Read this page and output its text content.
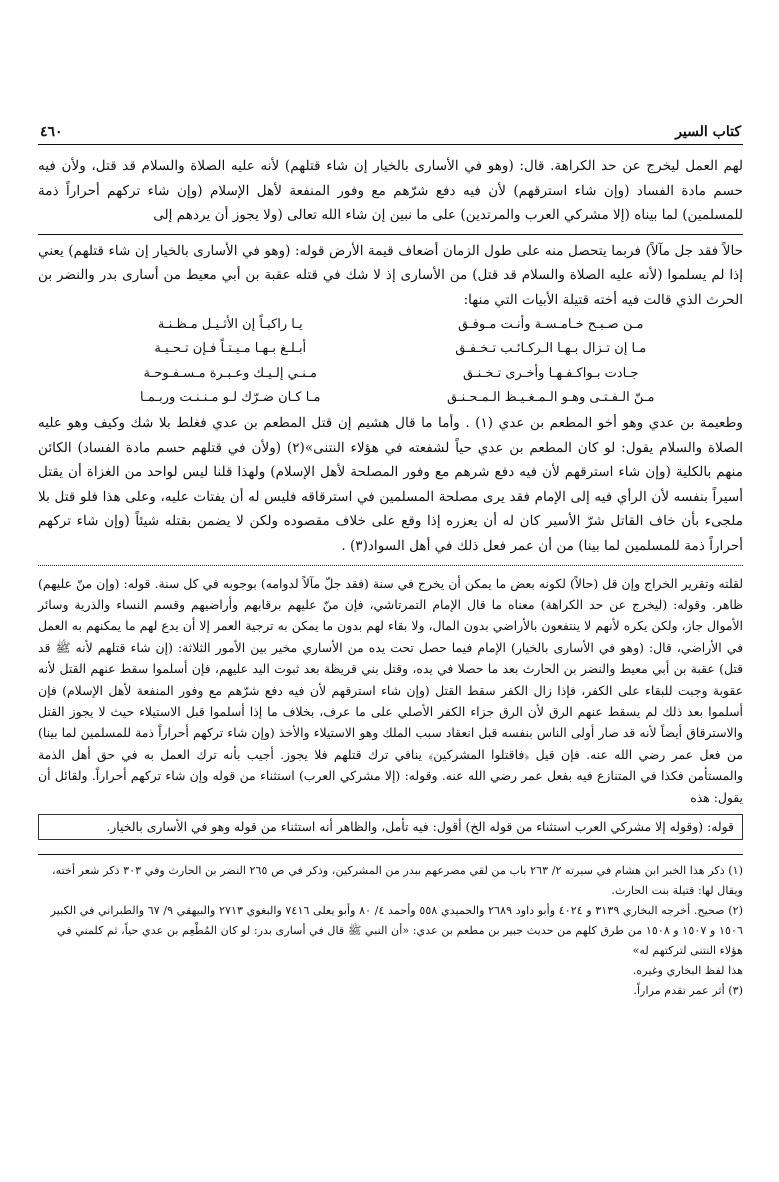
كتاب السير
٤٦٠

لهم العمل ليخرج عن حد الكراهة. قال: (وهو في الأسارى بالخيار إن شاء قتلهم) لأنه عليه الصلاة والسلام قد قتل، ولأن فيه حسم مادة الفساد (وإن شاء استرقهم) لأن فيه دفع شرّهم مع وفور المنفعة لأهل الإسلام (وإن شاء تركهم أحراراً ذمة للمسلمين) لما بيناه (إلا مشركي العرب والمرتدين) على ما نبين إن شاء الله تعالى (ولا يجوز أن يردهم إلى

حالاً فقد جل مآلاً) فربما يتحصل منه على طول الزمان أضعاف قيمة الأرض قوله: (وهو في الأسارى بالخيار إن شاء قتلهم) يعني إذا لم يسلموا (لأنه عليه الصلاة والسلام قد قتل) من الأسارى إذ لا شك في قتله عقبة بن أبي معيط من أسارى بدر والنضر بن الحرث الذي قالت فيه أخته قتيلة الأبيات التي منها:

مـن صـبـح خـامـسـة وأنـت مـوفـق
يـا راكبـاً إن الأثـيـل مـظـنـة
مـا إن تـزال بـهـا الـركـائـب تـخـفـق
أبـلـغ بـهـا مـيـتـاً فـإن تـحـيـة
جـادت بـواكـفـهـا وأخـرى تـخـنـق
مـنـي إلـيـك وعـبـرة مـسـفـوحـة
مـنّ الـفـتـى وهـو الـمـغـيـظ الـمـحـنـق
مـا كـان ضـرّك لـو مـنـنـت وربـمـا

وطعيمة بن عدي وهو أخو المطعم بن عدي (١) . وأما ما قال هشيم إن قتل المطعم بن عدي فغلط بلا شك وكيف وهو عليه الصلاة والسلام يقول: لو كان المطعم بن عدي حياً لشفعته في هؤلاء النتنى»(٢) (ولأن في قتلهم حسم مادة الفساد) الكائن منهم بالكلية (وإن شاء استرقهم لأن فيه دفع شرهم مع وفور المصلحة لأهل الإسلام) ولهذا قلنا ليس لواحد من الغزاة أن يقتل أسيراً بنفسه لأن الرأي فيه إلى الإمام فقد يرى مصلحة المسلمين في استرقاقه فليس له أن يفتات عليه، وعلى هذا فلو قتل بلا ملجىء بأن خاف القاتل شرّ الأسير كان له أن يعزره إذا وقع على خلاف مقصوده ولكن لا يضمن بقتله شيئاً (وإن شاء تركهم أحراراً ذمة للمسلمين لما بينا) من أن عمر فعل ذلك في أهل السواد(٣) .

لقلته وتقرير الخراج وإن قل (حالاً) لكونه بعض ما يمكن أن يخرج في سنة (فقد جلّ مآلاً لدوامه) بوجوبه في كل سنة. قوله: (وإن منّ عليهم) ظاهر. وقوله: (ليخرج عن حد الكراهة) معناه ما قال الإمام التمرتاشي، فإن منّ عليهم برقابهم وأراضيهم وقسم النساء والذرية وسائر الأموال جاز، ولكن يكره لأنهم لا ينتفعون بالأراضي بدون المال، ولا بقاء لهم بدون ما يمكن به ترجية العمر إلا أن يدع لهم ما يمكنهم به العمل في الأراضي، قال: (وهو في الأسارى بالخيار) الإمام فيما حصل تحت يده من الأساري مخير بين الأمور الثلاثة: (إن شاء قتلهم لأنه ﷺ قد قتل) عقبة بن أبي معيط والنضر بن الحارث بعد ما حصلا في يده، وقتل بني قريظة بعد ثبوت اليد عليهم، فإن أسلموا سقط عنهم القتل لأنه عقوبة وجبت للبقاء على الكفر، فإذا زال الكفر سقط القتل (وإن شاء استرقهم لأن فيه دفع شرّهم مع وفور المنفعة لأهل الإسلام) فإن أسلموا بعد ذلك لم يسقط عنهم الرق لأن الرق جزاء الكفر الأصلي على ما عرف، بخلاف ما إذا أسلموا قبل الاستيلاء حيث لا يجوز القتل والاسترقاق أيضاً لأنه قد صار أولى الناس بنفسه قبل انعقاد سبب الملك وهو الاستيلاء والأخذ (وإن شاء تركهم أحراراً ذمة للمسلمين لما بينا) من فعل عمر رضي الله عنه. فإن قيل ﴿فاقتلوا المشركين﴾ ينافي ترك قتلهم فلا يجوز. أجيب بأنه ترك العمل به في حق أهل الذمة والمستأمن فكذا في المتنازع فيه بفعل عمر رضي الله عنه. وقوله: (إلا مشركي العرب) استثناء من قوله وإن شاء تركهم أحراراً. ولقائل أن يقول: هذه

قوله: (وقوله إلا مشركي العرب استثناء من قوله الخ) أقول: فيه تأمل، والظاهر أنه استثناء من قوله وهو في الأسارى بالخيار.

(١) ذكر هذا الخبر ابن هشام في سيرته ٢/ ٢٦٣ باب من لقي مصرعهم ببدر من المشركين، وذكر في ص ٢٦٥ النضر بن الحارث وفي ٣٠٣ ذكر شعر أخته، ويقال لها: قتيلة بنت الحارث.

(٢) صحيح. أخرجه البخاري ٣١٣٩ و ٤٠٢٤ وأبو داود ٢٦٨٩ والحميدي ٥٥٨ وأحمد ٤/ ٨٠ وأبو يعلى ٧٤١٦ والبغوي ٢٧١٣ والبيهقي ٩/ ٦٧ والطبراني في الكبير ١٥٠٦ و ١٥٠٧ و ١٥٠٨ من طرق كلهم من حديث جبير بن مطعم بن عدي: «أن النبي ﷺ قال في أسارى بدر: لو كان المُطْعِم بن عدي حياً، ثم كلمني في هؤلاء النتنى لتركتهم له»

هذا لفظ البخاري وغيره.

(٣) أثر عمر تقدم مراراً.
